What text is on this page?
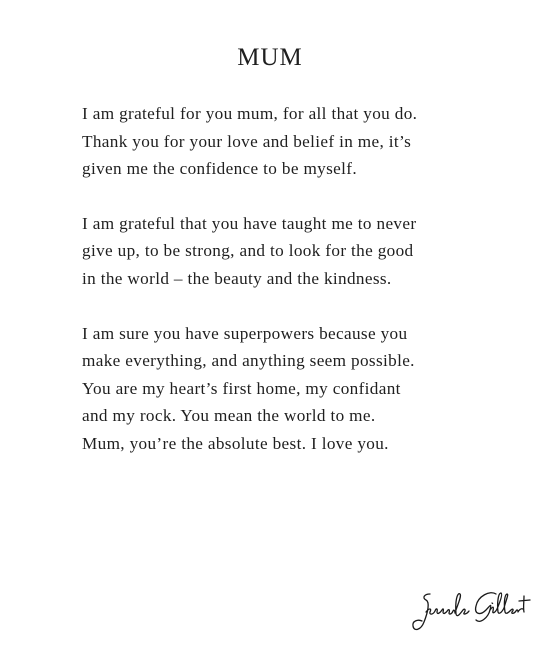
MUM

I am grateful for you mum, for all that you do.
Thank you for your love and belief in me, it’s
given me the confidence to be myself.

I am grateful that you have taught me to never
give up, to be strong, and to look for the good
in the world – the beauty and the kindness.

I am sure you have superpowers because you
make everything, and anything seem possible.
You are my heart’s first home, my confidant
and my rock. You mean the world to me.
Mum, you’re the absolute best. I love you.
